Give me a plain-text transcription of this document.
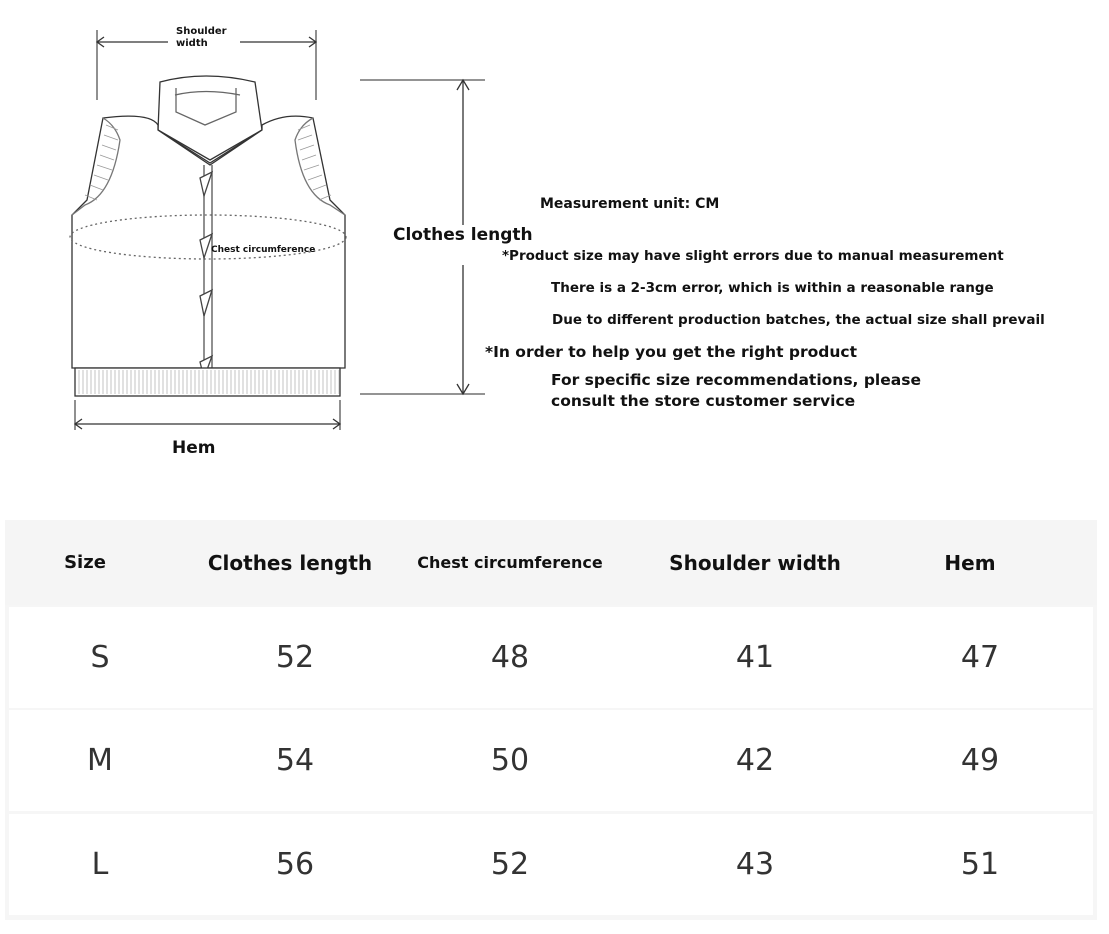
Shoulder
width
Chest circumference
Clothes length
Hem
Measurement unit: CM
*Product size may have slight errors due to manual measurement
There is a 2-3cm error, which is within a reasonable range
Due to different production batches, the actual size shall prevail
*In order to help you get the right product
For specific size recommendations, please
consult the store customer service
Size	Clothes length	Chest circumference	Shoulder width	Hem
S	52	48	41	47
M	54	50	42	49
L	56	52	43	51
